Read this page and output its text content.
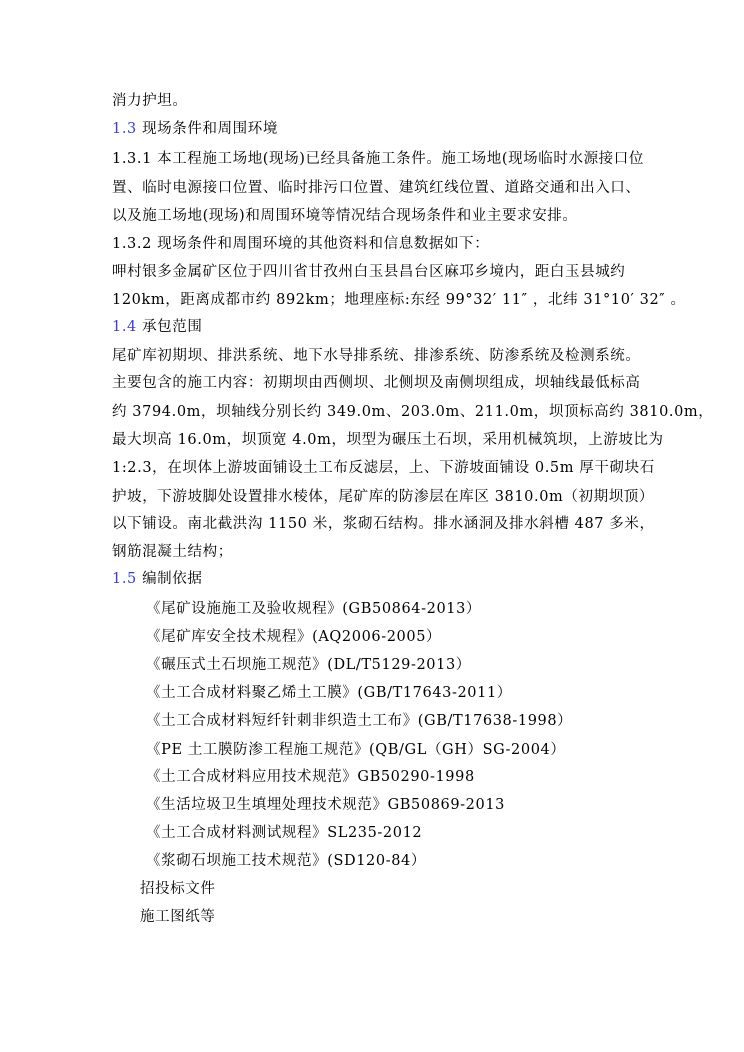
消力护坦。
1.3 现场条件和周围环境
1.3.1 本工程施工场地(现场)已经具备施工条件。施工场地(现场临时水源接口位
置、临时电源接口位置、临时排污口位置、建筑红线位置、道路交通和出入口、
以及施工场地(现场)和周围环境等情况结合现场条件和业主要求安排。
1.3.2 现场条件和周围环境的其他资料和信息数据如下：
呷村银多金属矿区位于四川省甘孜州白玉县昌台区麻邛乡境内，距白玉县城约
120km，距离成都市约 892km；地理座标:东经 99°32′ 11″ ，北纬 31°10′ 32″ 。
1.4 承包范围
尾矿库初期坝、排洪系统、地下水导排系统、排渗系统、防渗系统及检测系统。
主要包含的施工内容：初期坝由西侧坝、北侧坝及南侧坝组成，坝轴线最低标高
约 3794.0m，坝轴线分别长约 349.0m、203.0m、211.0m，坝顶标高约 3810.0m，
最大坝高 16.0m，坝顶宽 4.0m，坝型为碾压土石坝，采用机械筑坝，上游坡比为
1:2.3，在坝体上游坡面铺设土工布反滤层，上、下游坡面铺设 0.5m 厚干砌块石
护坡，下游坡脚处设置排水棱体，尾矿库的防渗层在库区 3810.0m（初期坝顶）
以下铺设。南北截洪沟 1150 米，浆砌石结构。排水涵洞及排水斜槽 487 多米，
钢筋混凝土结构；
1.5 编制依据
《尾矿设施施工及验收规程》(GB50864-2013）
《尾矿库安全技术规程》(AQ2006-2005）
《碾压式土石坝施工规范》(DL/T5129-2013）
《土工合成材料聚乙烯土工膜》(GB/T17643-2011）
《土工合成材料短纤针刺非织造土工布》(GB/T17638-1998）
《PE 土工膜防渗工程施工规范》(QB/GL（GH）SG-2004）
《土工合成材料应用技术规范》GB50290-1998
《生活垃圾卫生填埋处理技术规范》GB50869-2013
《土工合成材料测试规程》SL235-2012
《浆砌石坝施工技术规范》(SD120-84）
招投标文件
施工图纸等
